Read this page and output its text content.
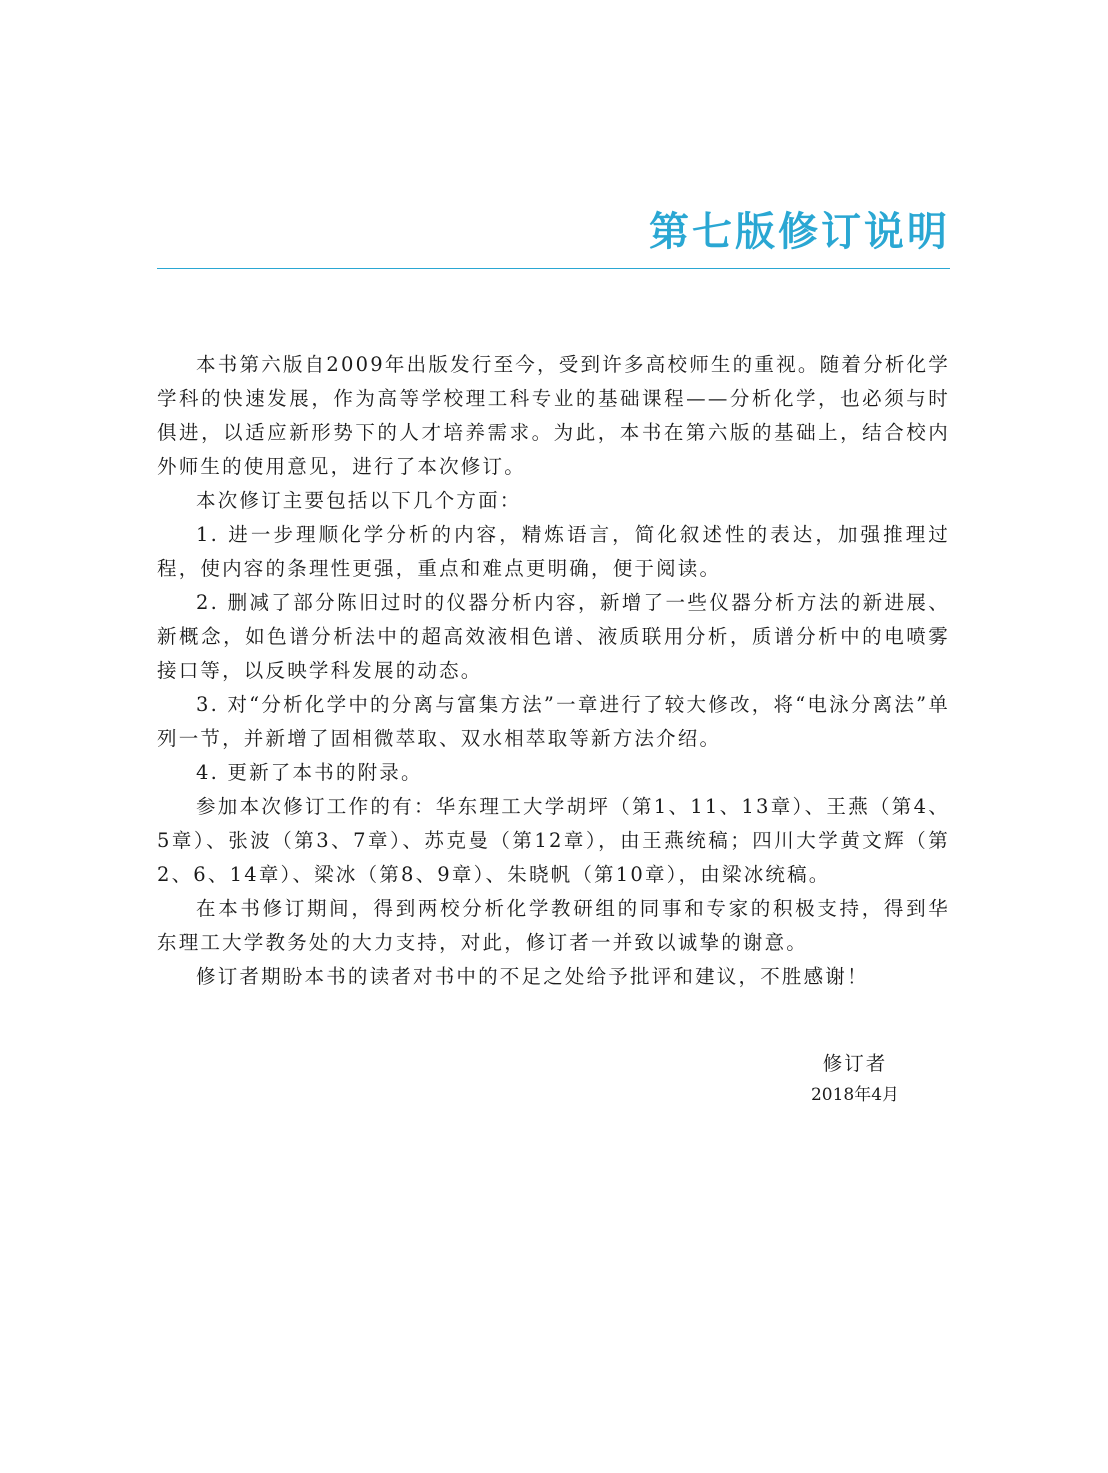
第七版修订说明

本书第六版自2009年出版发行至今，受到许多高校师生的重视。随着分析化学学科的快速发展，作为高等学校理工科专业的基础课程——分析化学，也必须与时俱进，以适应新形势下的人才培养需求。为此，本书在第六版的基础上，结合校内外师生的使用意见，进行了本次修订。

本次修订主要包括以下几个方面：

1. 进一步理顺化学分析的内容，精炼语言，简化叙述性的表达，加强推理过程，使内容的条理性更强，重点和难点更明确，便于阅读。

2. 删减了部分陈旧过时的仪器分析内容，新增了一些仪器分析方法的新进展、新概念，如色谱分析法中的超高效液相色谱、液质联用分析，质谱分析中的电喷雾接口等，以反映学科发展的动态。

3. 对“分析化学中的分离与富集方法”一章进行了较大修改，将“电泳分离法”单列一节，并新增了固相微萃取、双水相萃取等新方法介绍。

4. 更新了本书的附录。

参加本次修订工作的有：华东理工大学胡坪（第1、11、13章）、王燕（第4、5章）、张波（第3、7章）、苏克曼（第12章），由王燕统稿；四川大学黄文辉（第2、6、14章）、梁冰（第8、9章）、朱晓帆（第10章），由梁冰统稿。

在本书修订期间，得到两校分析化学教研组的同事和专家的积极支持，得到华东理工大学教务处的大力支持，对此，修订者一并致以诚挚的谢意。

修订者期盼本书的读者对书中的不足之处给予批评和建议，不胜感谢！

修订者
2018年4月
